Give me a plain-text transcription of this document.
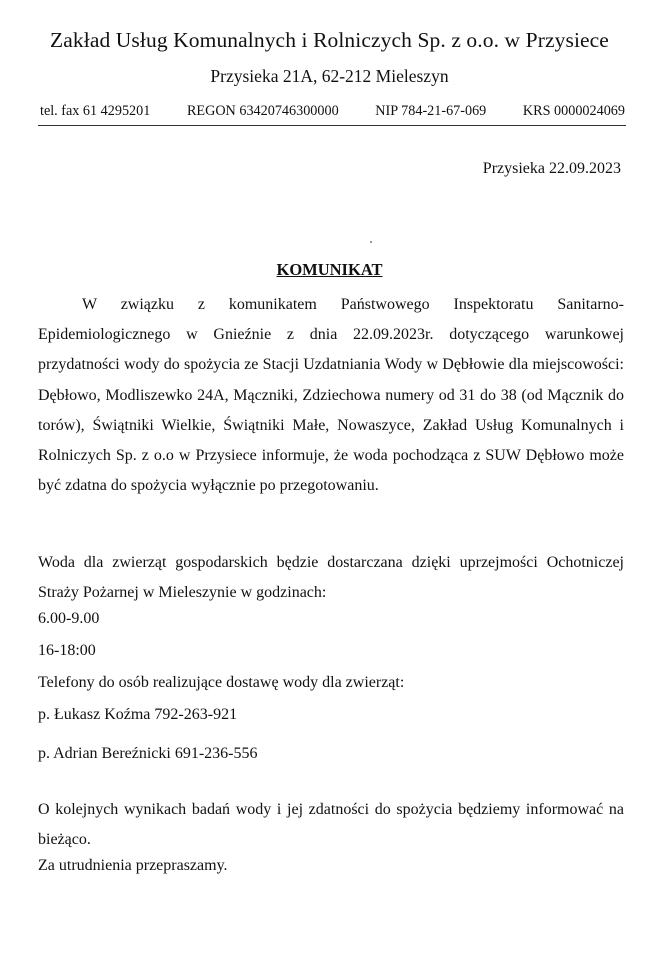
Zakład Usług Komunalnych i Rolniczych Sp. z o.o. w Przysiece
Przysieka 21A, 62-212 Mieleszyn
tel. fax 61 4295201	REGON 63420746300000	NIP 784-21-67-069	KRS 0000024069
Przysieka 22.09.2023
KOMUNIKAT
W związku z komunikatem Państwowego Inspektoratu Sanitarno-Epidemiologicznego w Gnieźnie z dnia 22.09.2023r. dotyczącego warunkowej przydatności wody do spożycia ze Stacji Uzdatniania Wody w Dębłowie dla miejscowości: Dębłowo, Modliszewko 24A, Mączniki, Zdziechowa numery od 31 do 38 (od Mącznik do torów), Świątniki Wielkie, Świątniki Małe, Nowaszyce, Zakład Usług Komunalnych i Rolniczych Sp. z o.o w Przysiece informuje, że woda pochodząca z SUW Dębłowo może być zdatna do spożycia wyłącznie po przegotowaniu.
Woda dla zwierząt gospodarskich będzie dostarczana dzięki uprzejmości Ochotniczej Straży Pożarnej w Mieleszynie w godzinach:
6.00-9.00
16-18:00
Telefony do osób realizujące dostawę wody dla zwierząt:
p. Łukasz Koźma 792-263-921
p. Adrian Bereźnicki 691-236-556
O kolejnych wynikach badań wody i jej zdatności do spożycia będziemy informować na bieżąco.
Za utrudnienia przepraszamy.
